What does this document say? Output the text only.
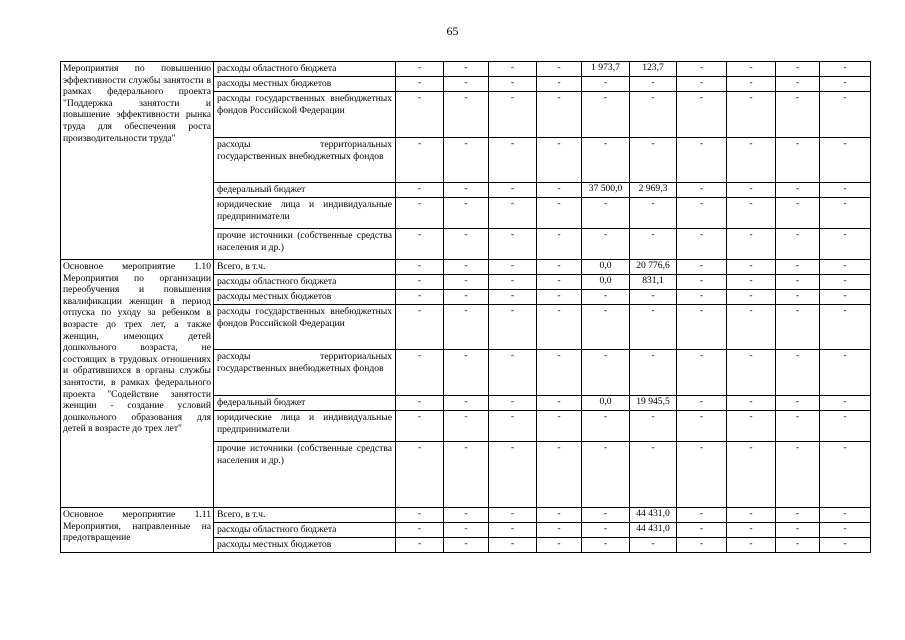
65
Мероприятия по повышению эффективности службы занятости в рамках федерального проекта "Поддержка занятости и повышение эффективности рынка труда для обеспечения роста производительности труда"	расходы областного бюджета	-	-	-	-	1 973,7	123,7	-	-	-	-
	расходы местных бюджетов	-	-	-	-	-	-	-	-	-	-
	расходы государственных внебюджетных фондов Российской Федерации	-	-	-	-	-	-	-	-	-	-
	расходы территориальных государственных внебюджетных фондов	-	-	-	-	-	-	-	-	-	-
	федеральный бюджет	-	-	-	-	37 500,0	2 969,3	-	-	-	-
	юридические лица и индивидуальные предприниматели	-	-	-	-	-	-	-	-	-	-
	прочие источники (собственные средства населения и др.)	-	-	-	-	-	-	-	-	-	-
Основное мероприятие 1.10 Мероприятия по организации переобучения и повышения квалификации женщин в период отпуска по уходу за ребенком в возрасте до трех лет, а также женщин, имеющих детей дошкольного возраста, не состоящих в трудовых отношениях и обратившихся в органы службы занятости, в рамках федерального проекта "Содействие занятости женщин - создание условий дошкольного образования для детей в возрасте до трех лет"	Всего, в т.ч.	-	-	-	-	0,0	20 776,6	-	-	-	-
	расходы областного бюджета	-	-	-	-	0,0	831,1	-	-	-	-
	расходы местных бюджетов	-	-	-	-	-	-	-	-	-	-
	расходы государственных внебюджетных фондов Российской Федерации	-	-	-	-	-	-	-	-	-	-
	расходы территориальных государственных внебюджетных фондов	-	-	-	-	-	-	-	-	-	-
	федеральный бюджет	-	-	-	-	0,0	19 945,5	-	-	-	-
	юридические лица и индивидуальные предприниматели	-	-	-	-	-	-	-	-	-	-
	прочие источники (собственные средства населения и др.)	-	-	-	-	-	-	-	-	-	-
Основное мероприятие 1.11 Мероприятия, направленные на предотвращение	Всего, в т.ч.	-	-	-	-	-	44 431,0	-	-	-	-
	расходы областного бюджета	-	-	-	-	-	44 431,0	-	-	-	-
	расходы местных бюджетов	-	-	-	-	-	-	-	-	-	-
